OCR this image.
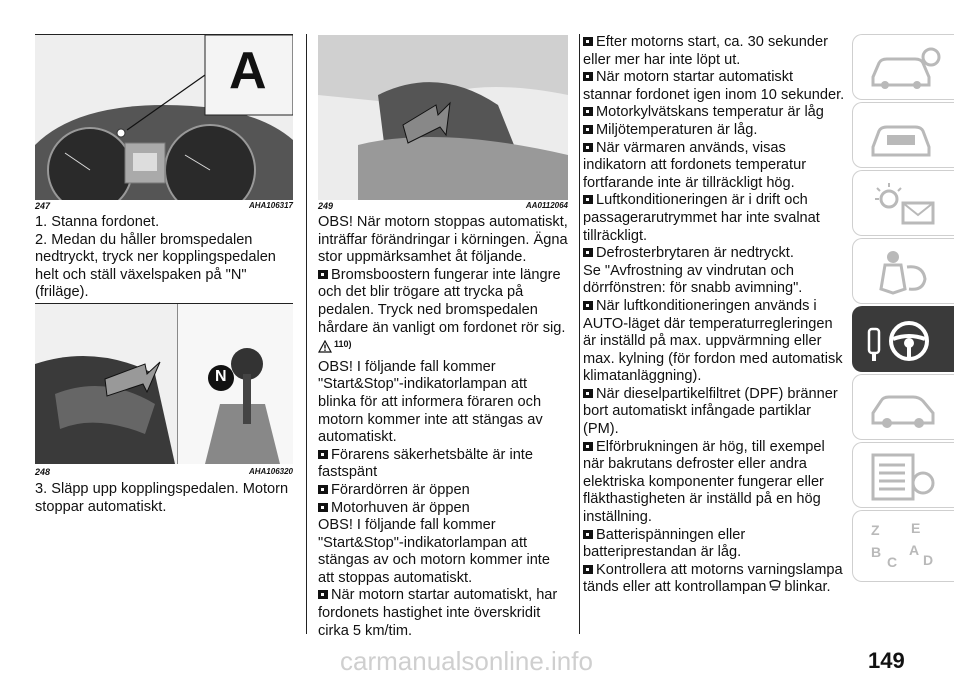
A
247	AHA106317

1. Stanna fordonet.

2. Medan du håller bromspedalen nedtryckt, tryck ner kopplingspedalen helt och ställ växelspaken på "N" (friläge).

N
248	AHA106320

3. Släpp upp kopplingspedalen. Motorn stoppar automatiskt.

249	AA0112064

OBS! När motorn stoppas automatiskt, inträffar förändringar i körningen. Ägna stor uppmärksamhet åt följande.

Bromsboostern fungerar inte längre och det blir trögare att trycka på pedalen. Tryck ned bromspedalen hårdare än vanligt om fordonet rör sig.

110)

OBS! I följande fall kommer "Start&Stop"-indikatorlampan att blinka för att informera föraren och motorn kommer inte att stängas av automatiskt.

Förarens säkerhetsbälte är inte fastspänt

Förardörren är öppen

Motorhuven är öppen

OBS! I följande fall kommer "Start&Stop"-indikatorlampan att stängas av och motorn kommer inte att stoppas automatiskt.

När motorn startar automatiskt, har fordonets hastighet inte överskridit cirka 5 km/tim.

Efter motorns start, ca. 30 sekunder eller mer har inte löpt ut.

När motorn startar automatiskt stannar fordonet igen inom 10 sekunder.

Motorkylvätskans temperatur är låg

Miljötemperaturen är låg.

När värmaren används, visas indikatorn att fordonets temperatur fortfarande inte är tillräckligt hög.

Luftkonditioneringen är i drift och passagerarutrymmet har inte svalnat tillräckligt.

Defrosterbrytaren är nedtryckt.

Se "Avfrostning av vindrutan och dörrfönstren: för snabb avimning".

När luftkonditioneringen används i AUTO-läget där temperaturregleringen är inställd på max. uppvärmning eller max. kylning (för fordon med automatisk klimatanläggning).

När dieselpartikelfiltret (DPF) bränner bort automatiskt infångade partiklar (PM).

Elförbrukningen är hög, till exempel när bakrutans defroster eller andra elektriska komponenter fungerar eller fläkthastigheten är inställd på en hög inställning.

Batterispänningen eller batteriprestandan är låg.

Kontrollera att motorns varningslampa tänds eller att kontrollampan blinkar.

Z E
B
C
A
D
carmanualsonline.info	149
